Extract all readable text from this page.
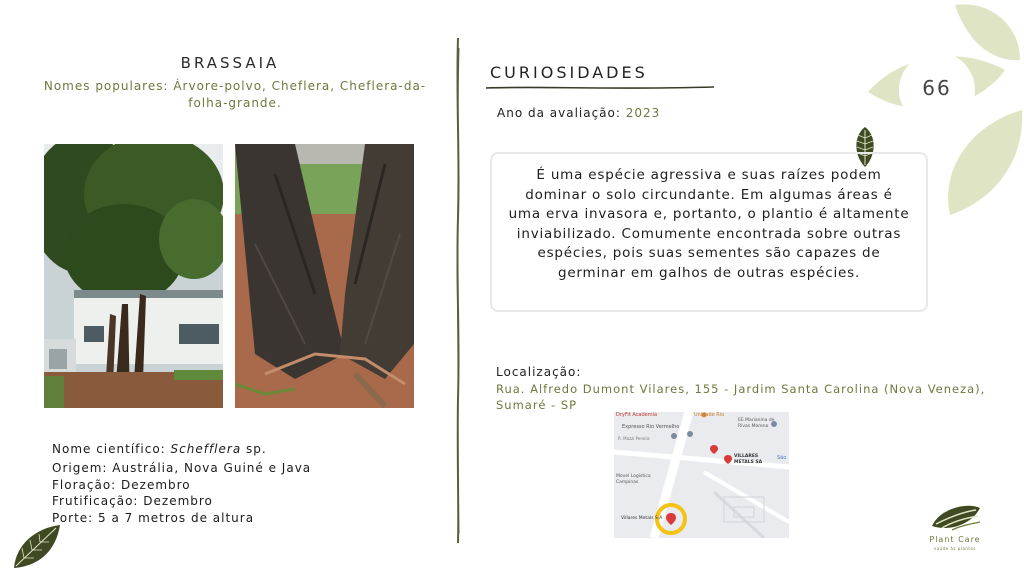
BRASSAIA
Nomes populares: Árvore-polvo, Cheflera, Cheflera-da-folha-grande.
Nome científico: Schefflera sp.
Origem: Austrália, Nova Guiné e Java
Floração: Dezembro
Frutificação: Dezembro
Porte: 5 a 7 metros de altura
CURIOSIDADES
Ano da avaliação: 2023
É uma espécie agressiva e suas raízes podem dominar o solo circundante. Em algumas áreas é uma erva invasora e, portanto, o plantio é altamente inviabilizado. Comumente encontrada sobre outras espécies, pois suas sementes são capazes de germinar em galhos de outras espécies.
66
Localização:
Rua. Alfredo Dumont Vilares, 155 - Jardim Santa Carolina (Nova Veneza), Sumaré - SP
DryFit Academia	Unidade Rio
Expresso Rio Vermelho
EE Marianina de Rivas Moreno
VILLARES METALS SA
São
R. Mazzi Pereira
Movel Logistica Campinas
Villares Metals S.A
Plant Care
saúde às plantas
